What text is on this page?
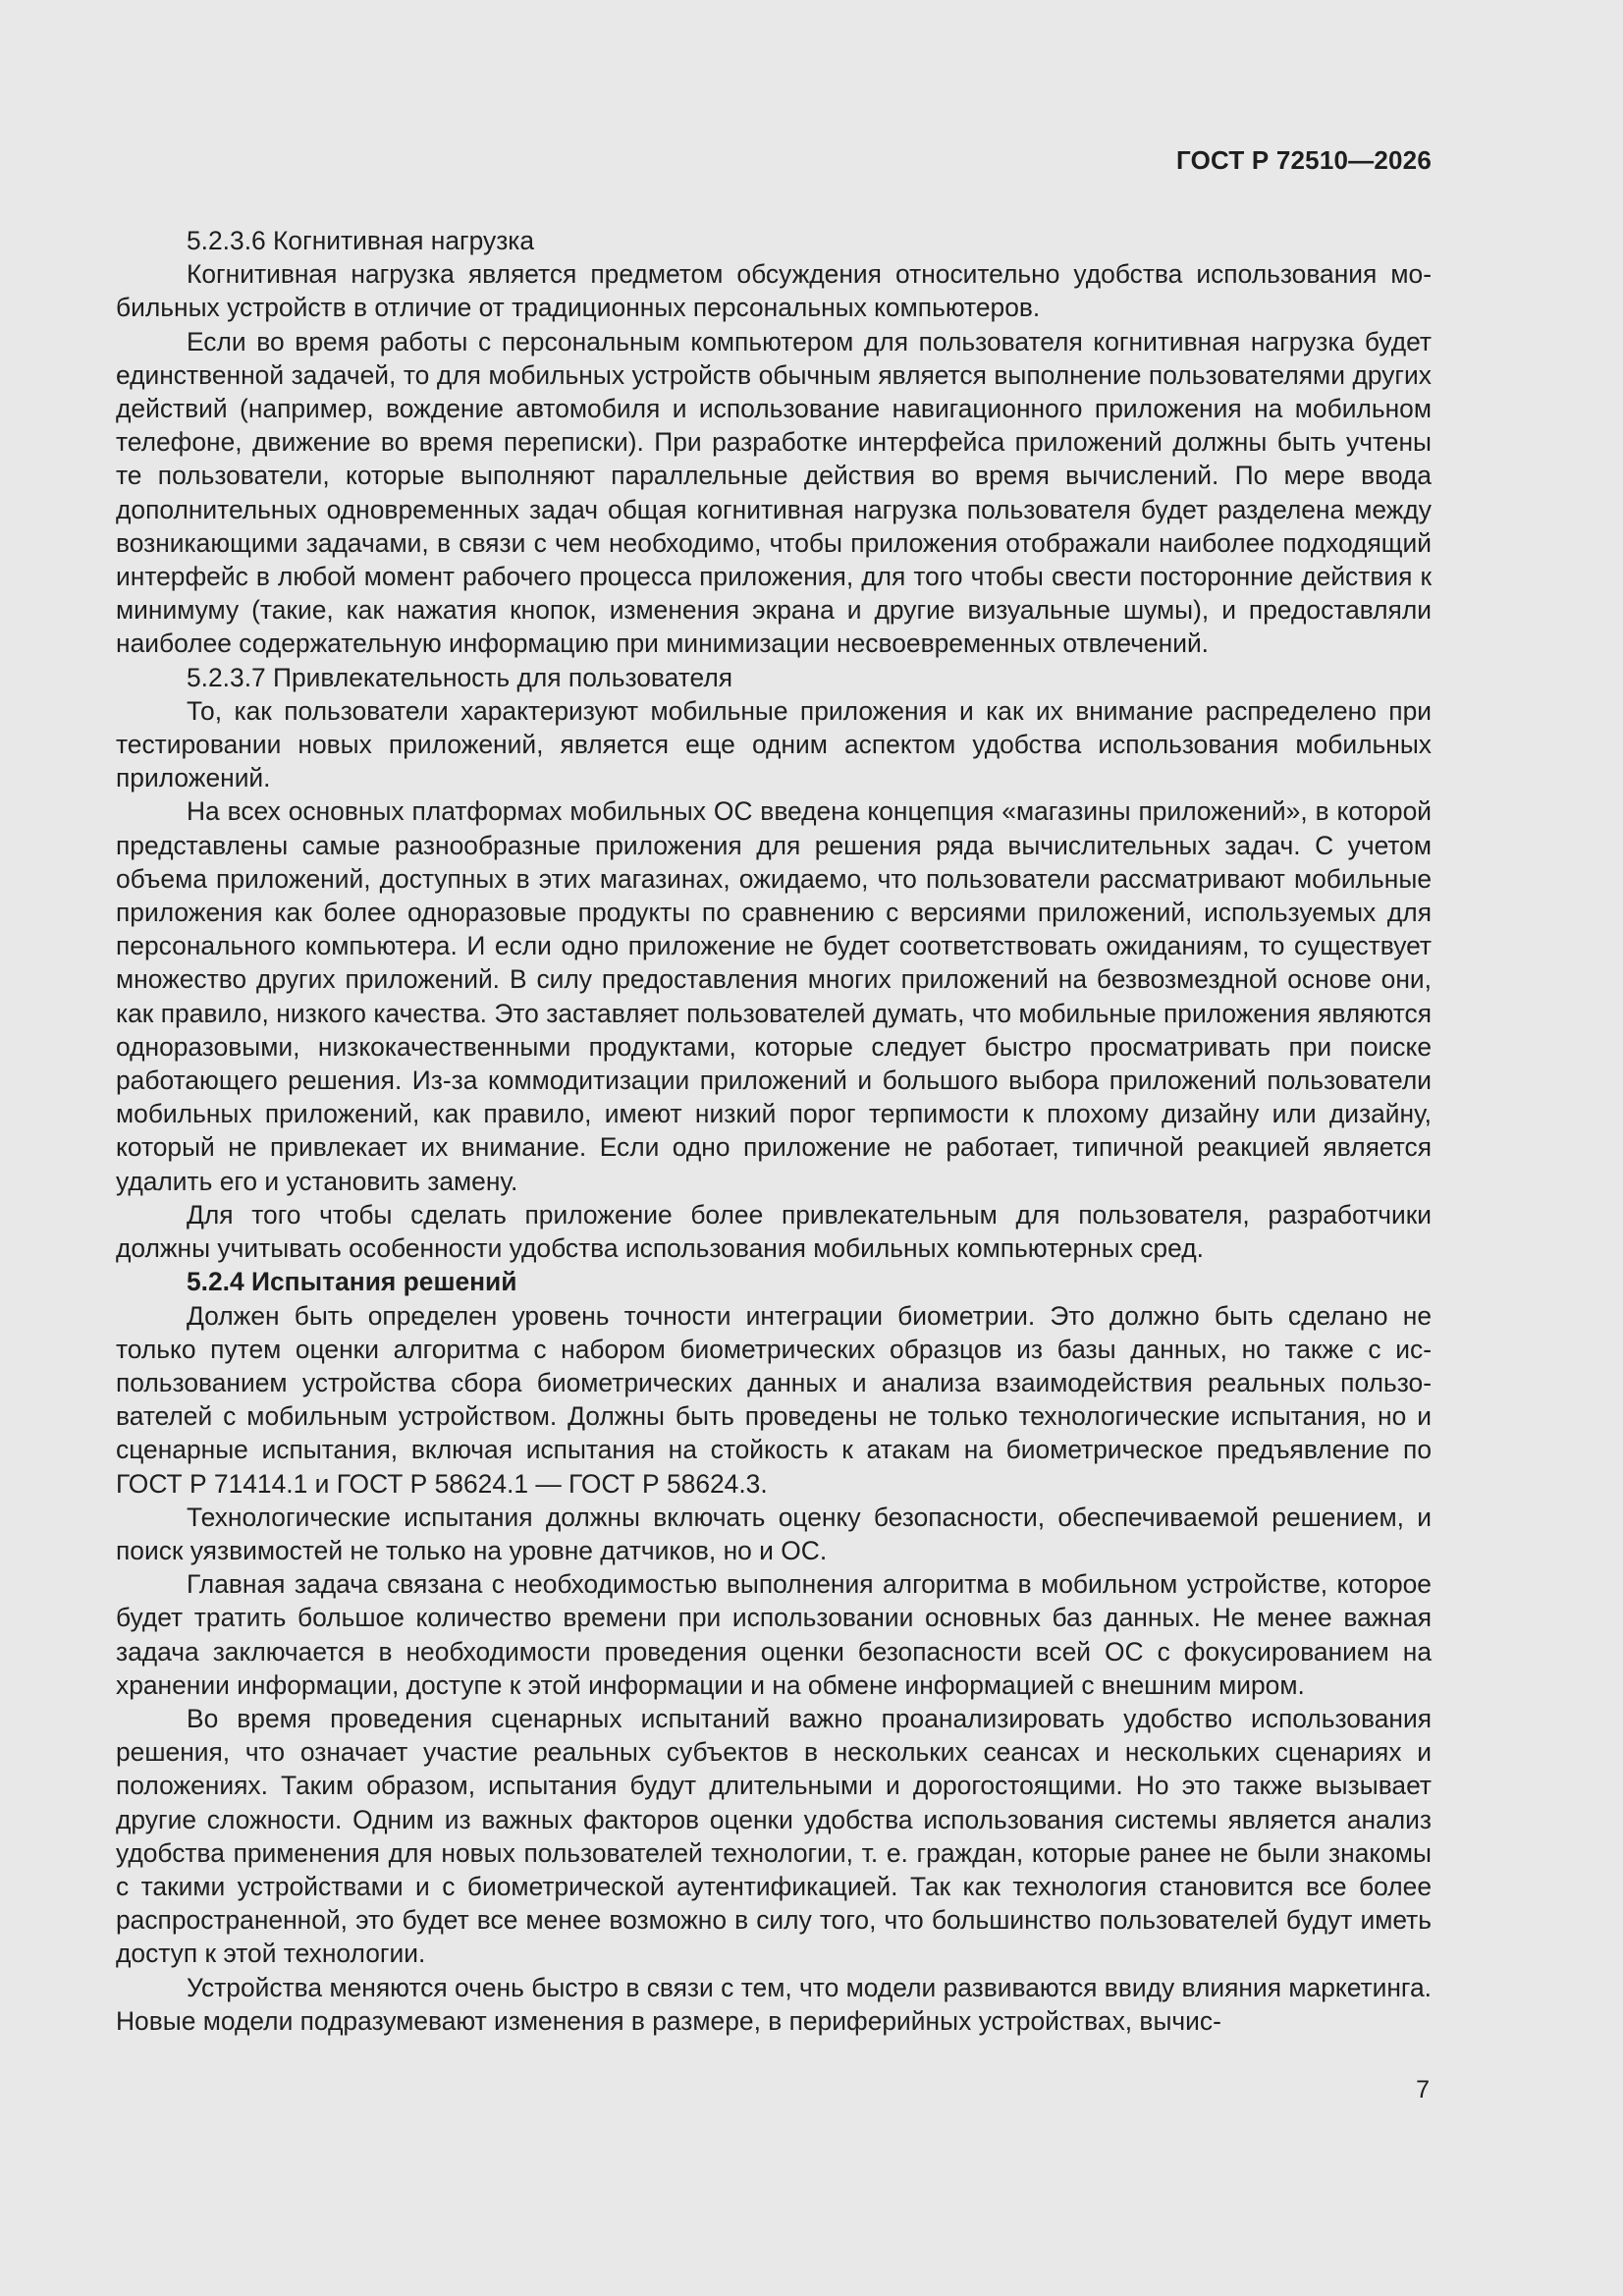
ГОСТ Р 72510—2026

5.2.3.6 Когнитивная нагрузка

Когнитивная нагрузка является предметом обсуждения относительно удобства использования мобильных устройств в отличие от традиционных персональных компьютеров.

Если во время работы с персональным компьютером для пользователя когнитивная нагрузка будет единственной задачей, то для мобильных устройств обычным является выполнение пользователями других действий (например, вождение автомобиля и использование навигационного приложения на мобильном телефоне, движение во время переписки). При разработке интерфейса приложений должны быть учтены те пользователи, которые выполняют параллельные действия во время вычислений. По мере ввода дополнительных одновременных задач общая когнитивная нагрузка пользователя будет разделена между возникающими задачами, в связи с чем необходимо, чтобы приложения отображали наиболее подходящий интерфейс в любой момент рабочего процесса приложения, для того чтобы свести посторонние действия к минимуму (такие, как нажатия кнопок, изменения экрана и другие визуальные шумы), и предоставляли наиболее содержательную информацию при минимизации несвоевременных отвлечений.

5.2.3.7 Привлекательность для пользователя

То, как пользователи характеризуют мобильные приложения и как их внимание распределено при тестировании новых приложений, является еще одним аспектом удобства использования мобильных приложений.

На всех основных платформах мобильных ОС введена концепция «магазины приложений», в которой представлены самые разнообразные приложения для решения ряда вычислительных задач. С учетом объема приложений, доступных в этих магазинах, ожидаемо, что пользователи рассматривают мобильные приложения как более одноразовые продукты по сравнению с версиями приложений, используемых для персонального компьютера. И если одно приложение не будет соответствовать ожиданиям, то существует множество других приложений. В силу предоставления многих приложений на безвозмездной основе они, как правило, низкого качества. Это заставляет пользователей думать, что мобильные приложения являются одноразовыми, низкокачественными продуктами, которые следует быстро просматривать при поиске работающего решения. Из-за коммодитизации приложений и большого выбора приложений пользователи мобильных приложений, как правило, имеют низкий порог терпимости к плохому дизайну или дизайну, который не привлекает их внимание. Если одно приложение не работает, типичной реакцией является удалить его и установить замену.

Для того чтобы сделать приложение более привлекательным для пользователя, разработчики должны учитывать особенности удобства использования мобильных компьютерных сред.

5.2.4 Испытания решений

Должен быть определен уровень точности интеграции биометрии. Это должно быть сделано не только путем оценки алгоритма с набором биометрических образцов из базы данных, но также с использованием устройства сбора биометрических данных и анализа взаимодействия реальных пользователей с мобильным устройством. Должны быть проведены не только технологические испытания, но и сценарные испытания, включая испытания на стойкость к атакам на биометрическое предъявление по ГОСТ Р 71414.1 и ГОСТ Р 58624.1 — ГОСТ Р 58624.3.

Технологические испытания должны включать оценку безопасности, обеспечиваемой решением, и поиск уязвимостей не только на уровне датчиков, но и ОС.

Главная задача связана с необходимостью выполнения алгоритма в мобильном устройстве, которое будет тратить большое количество времени при использовании основных баз данных. Не менее важная задача заключается в необходимости проведения оценки безопасности всей ОС с фокусированием на хранении информации, доступе к этой информации и на обмене информацией с внешним миром.

Во время проведения сценарных испытаний важно проанализировать удобство использования решения, что означает участие реальных субъектов в нескольких сеансах и нескольких сценариях и положениях. Таким образом, испытания будут длительными и дорогостоящими. Но это также вызывает другие сложности. Одним из важных факторов оценки удобства использования системы является анализ удобства применения для новых пользователей технологии, т. е. граждан, которые ранее не были знакомы с такими устройствами и с биометрической аутентификацией. Так как технология становится все более распространенной, это будет все менее возможно в силу того, что большинство пользователей будут иметь доступ к этой технологии.

Устройства меняются очень быстро в связи с тем, что модели развиваются ввиду влияния маркетинга. Новые модели подразумевают изменения в размере, в периферийных устройствах, вычис-

7
